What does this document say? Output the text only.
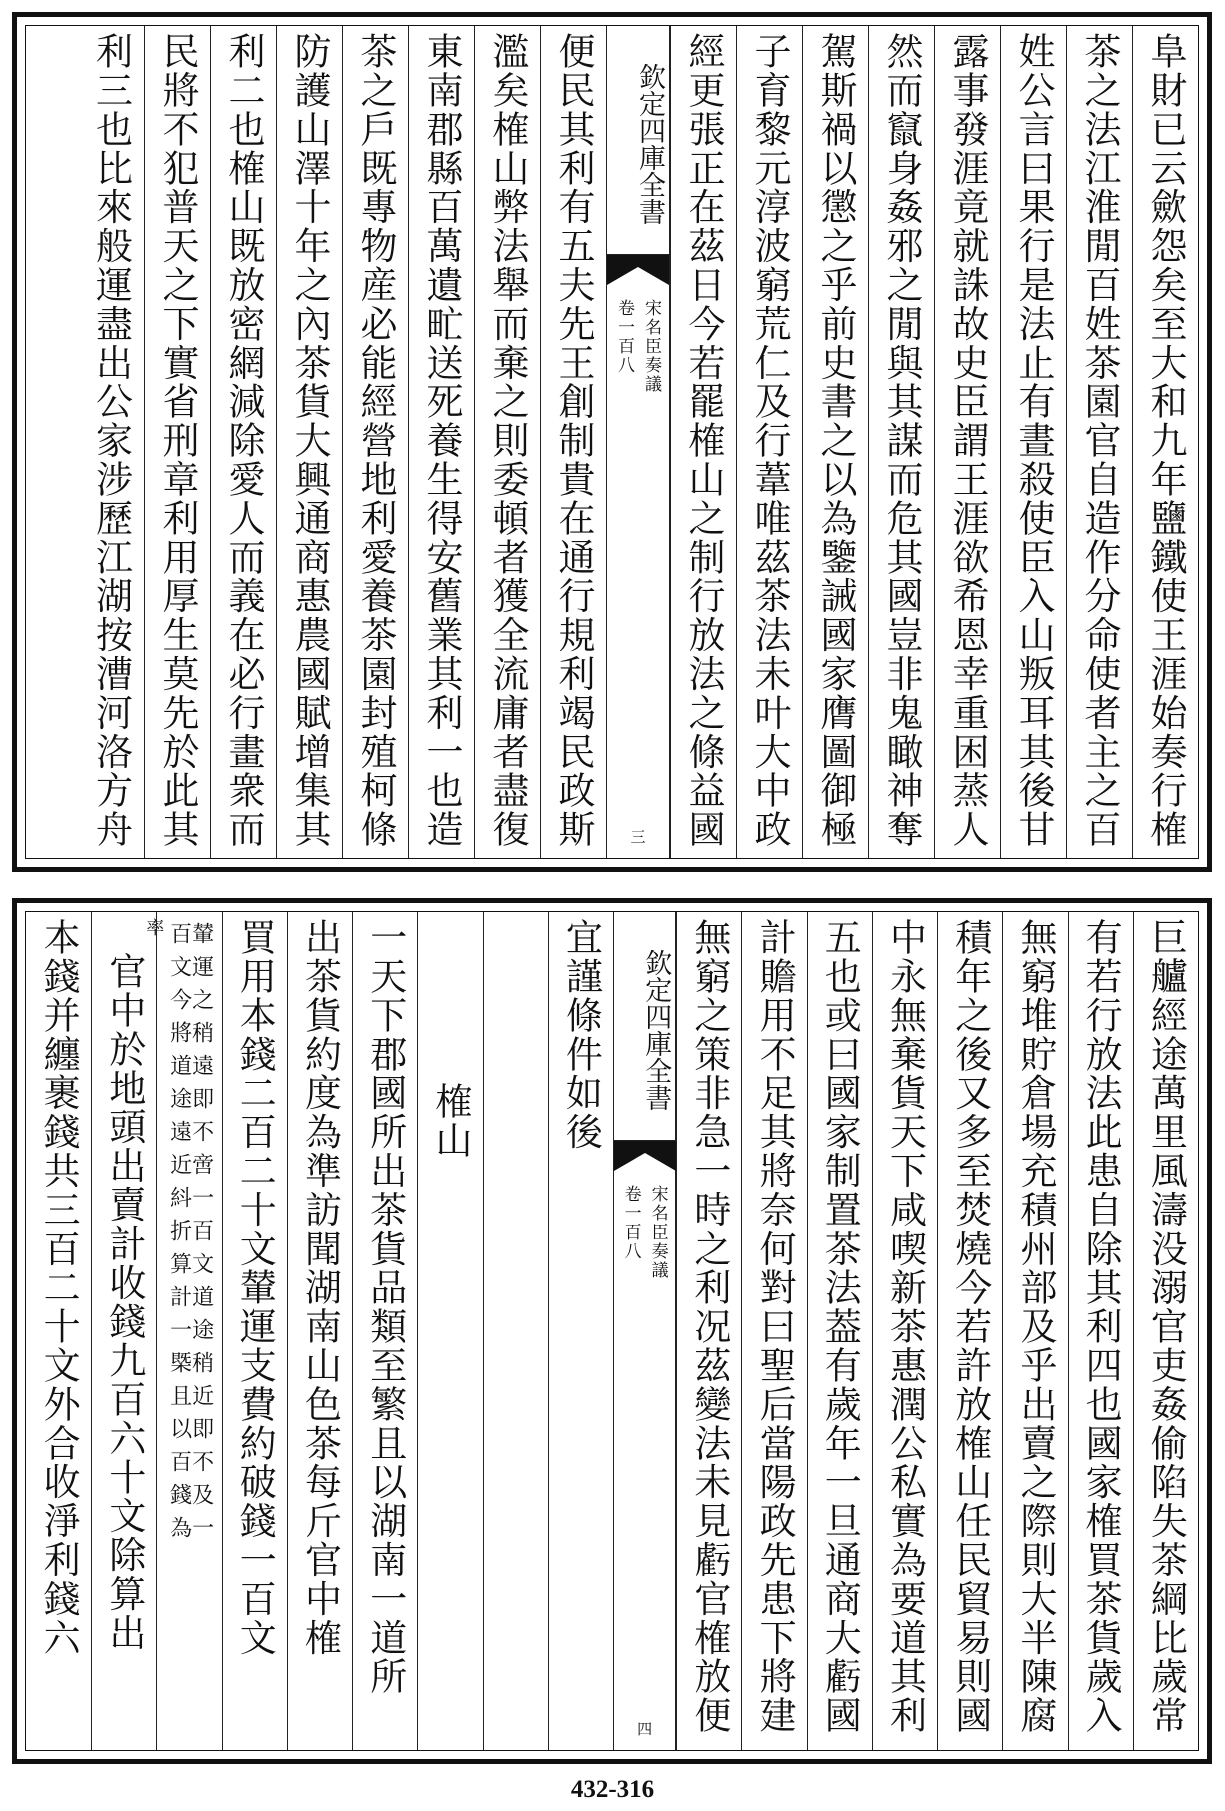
阜財已云歛怨矣至大和九年鹽鐵使王涯始奏行榷
茶之法江淮閒百姓茶園官自造作分命使者主之百
姓公言曰果行是法止有晝殺使臣入山叛耳其後甘
露事發涯竟就誅故史臣謂王涯欲希恩幸重困蒸人
然而竄身姦邪之閒與其謀而危其國豈非鬼瞰神奪
駕斯禍以懲之乎前史書之以為鑒誡國家膺圖御極
子育黎元淳波窮荒仁及行葦唯茲茶法未叶大中政
經更張正在茲日今若罷榷山之制行放法之條益國
欽定四庫全書
宋名臣奏議
卷一百八
三
便民其利有五夫先王創制貴在通行規利竭民政斯
濫矣榷山弊法舉而棄之則委頓者獲全流庸者盡復
東南郡縣百萬遺甿送死養生得安舊業其利一也造
茶之戶既專物産必能經營地利愛養茶園封殖柯條
防護山澤十年之內茶貨大興通商惠農國賦增集其
利二也榷山既放密網減除愛人而義在必行畫衆而
民將不犯普天之下實省刑章利用厚生莫先於此其
利三也比來般運盡出公家涉歷江湖按漕河洛方舟
巨艫經途萬里風濤没溺官吏姦偷陷失茶綱比歲常
有若行放法此患自除其利四也國家榷買茶貨歲入
無窮堆貯倉場充積州部及乎出賣之際則大半陳腐
積年之後又多至焚燒今若許放榷山任民貿易則國
中永無棄貨天下咸喫新茶惠潤公私實為要道其利
五也或曰國家制置茶法葢有歲年一旦通商大虧國
計贍用不足其將奈何對曰聖后當陽政先患下將建
無窮之策非急一時之利况茲變法未見虧官榷放便
欽定四庫全書
宋名臣奏議
卷一百八
四
宜謹條件如後
榷山
一天下郡國所出茶貨品類至繁且以湖南一道所
出茶貨約度為準訪聞湖南山色茶每斤官中榷
買用本錢二百二十文輦運支費約破錢一百文
輦運之稍遠即不啻一百文道途稍近即不及一
百文今將道途遠近紏折算計一槩且以百錢為
率
官中於地頭出賣計收錢九百六十文除算出
本錢并纏裹錢共三百二十文外合收淨利錢六
432-316
